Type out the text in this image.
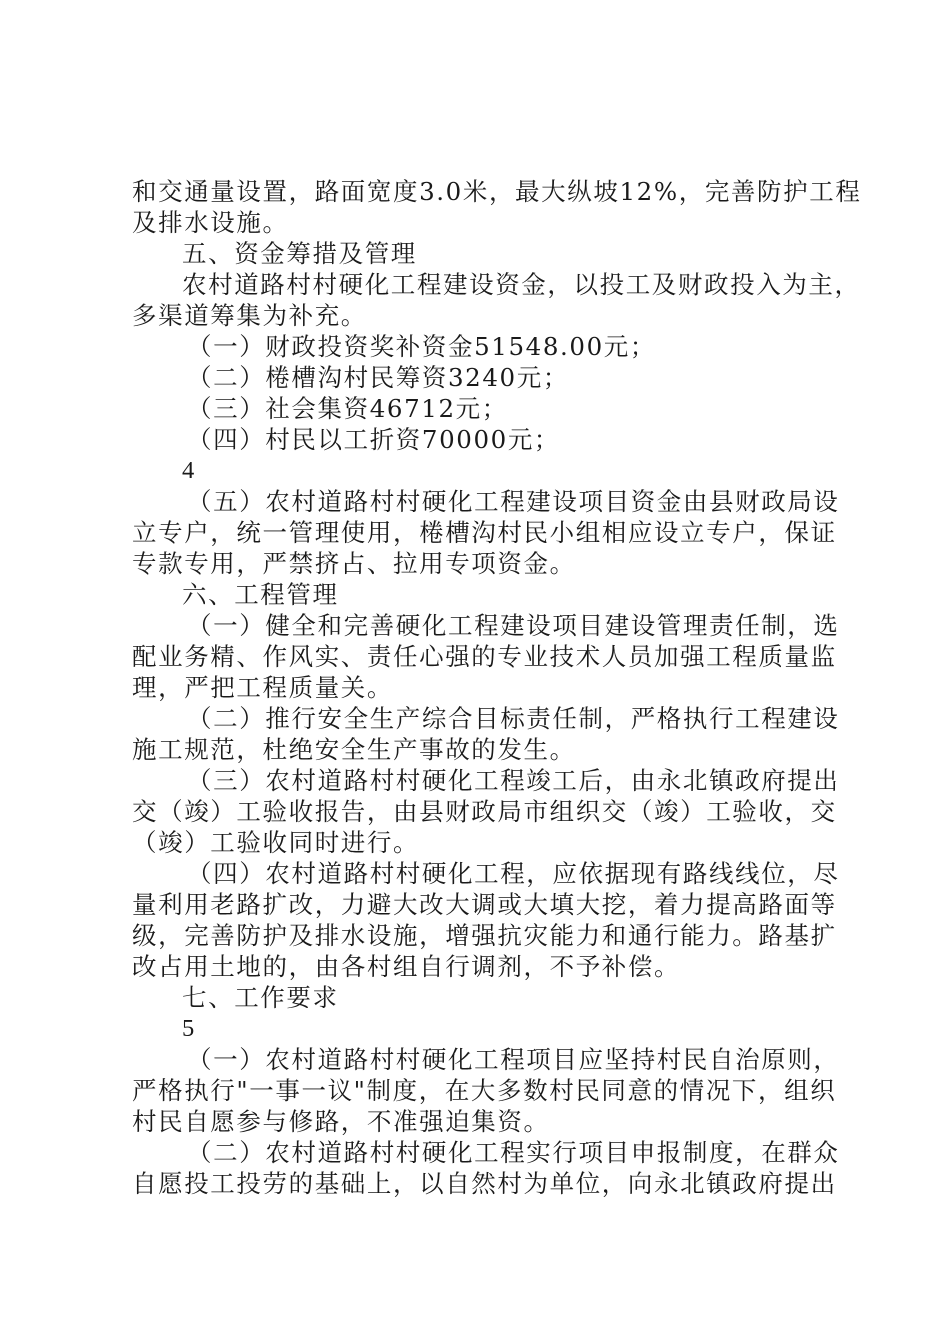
和交通量设置，路面宽度3.0米，最大纵坡12%，完善防护工程
及排水设施。
五、资金筹措及管理
农村道路村村硬化工程建设资金，以投工及财政投入为主，
多渠道筹集为补充。
（一）财政投资奖补资金51548.00元；
（二）棬槽沟村民筹资3240元；
（三）社会集资46712元；
（四）村民以工折资70000元；
4
（五）农村道路村村硬化工程建设项目资金由县财政局设
立专户，统一管理使用，棬槽沟村民小组相应设立专户，保证
专款专用，严禁挤占、拉用专项资金。
六、工程管理
（一）健全和完善硬化工程建设项目建设管理责任制，选
配业务精、作风实、责任心强的专业技术人员加强工程质量监
理，严把工程质量关。
（二）推行安全生产综合目标责任制，严格执行工程建设
施工规范，杜绝安全生产事故的发生。
（三）农村道路村村硬化工程竣工后，由永北镇政府提出
交（竣）工验收报告，由县财政局市组织交（竣）工验收，交
（竣）工验收同时进行。
（四）农村道路村村硬化工程，应依据现有路线线位，尽
量利用老路扩改，力避大改大调或大填大挖，着力提高路面等
级，完善防护及排水设施，增强抗灾能力和通行能力。路基扩
改占用土地的，由各村组自行调剂，不予补偿。
七、工作要求
5
（一）农村道路村村硬化工程项目应坚持村民自治原则，
严格执行"一事一议"制度，在大多数村民同意的情况下，组织
村民自愿参与修路，不准强迫集资。
（二）农村道路村村硬化工程实行项目申报制度，在群众
自愿投工投劳的基础上，以自然村为单位，向永北镇政府提出
